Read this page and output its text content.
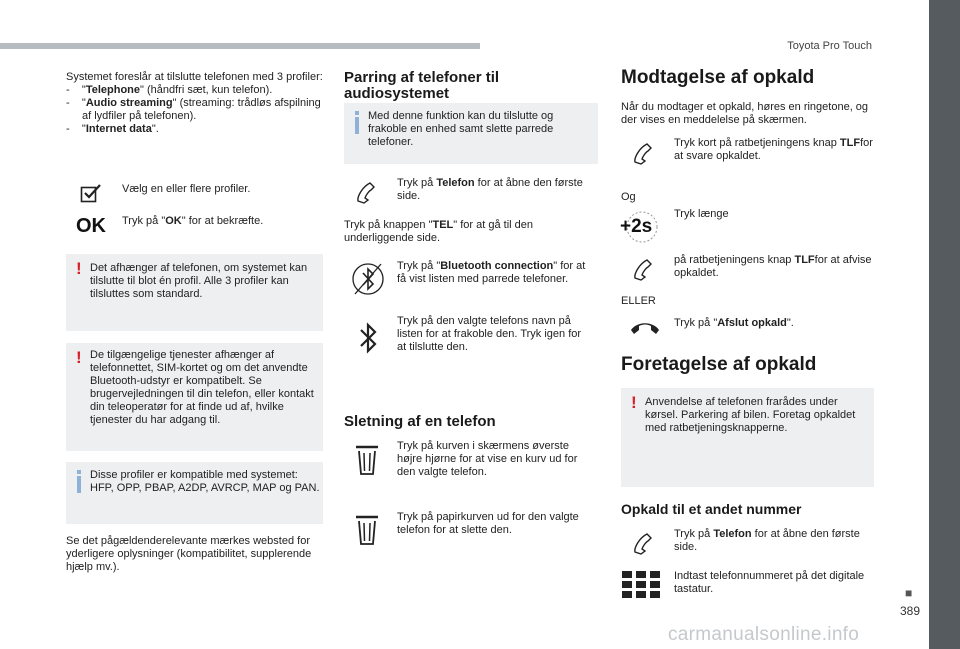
Toyota Pro Touch
■
389
carmanualsonline.info
Systemet foreslår at tilslutte telefonen med 3 profiler:
-    "Telephone" (håndfri sæt, kun telefon).
-    "Audio streaming" (streaming: trådløs afspilning af lydfiler på telefonen).
-    "Internet data".
Vælg en eller flere profiler.
OK Tryk på "OK" for at bekræfte.
! Det afhænger af telefonen, om systemet kan tilslutte til blot én profil. Alle 3 profiler kan tilsluttes som standard.
! De tilgængelige tjenester afhænger af telefonnettet, SIM-kortet og om det anvendte Bluetooth-udstyr er kompatibelt. Se brugervejledningen til din telefon, eller kontakt din teleoperatør for at finde ud af, hvilke tjenester du har adgang til.
Disse profiler er kompatible med systemet: HFP, OPP, PBAP, A2DP, AVRCP, MAP og PAN.
Se det pågældenderelevante mærkes websted for yderligere oplysninger (kompatibilitet, supplerende hjælp mv.).
Parring af telefoner til audiosystemet
Med denne funktion kan du tilslutte og frakoble en enhed samt slette parrede telefoner.
Tryk på Telefon for at åbne den første side.
Tryk på knappen "TEL" for at gå til den underliggende side.
Tryk på "Bluetooth connection" for at få vist listen med parrede telefoner.
Tryk på den valgte telefons navn på listen for at frakoble den. Tryk igen for at tilslutte den.
Sletning af en telefon
Tryk på kurven i skærmens øverste højre hjørne for at vise en kurv ud for den valgte telefon.
Tryk på papirkurven ud for den valgte telefon for at slette den.
Modtagelse af opkald
Når du modtager et opkald, høres en ringetone, og der vises en meddelelse på skærmen.
Tryk kort på ratbetjeningens knap TLFfor at svare opkaldet.
Og
+2s
Tryk længe
på ratbetjeningens knap TLFfor at afvise opkaldet.
ELLER
Tryk på "Afslut opkald".
Foretagelse af opkald
! Anvendelse af telefonen frarådes under kørsel. Parkering af bilen. Foretag opkaldet med ratbetjeningsknapperne.
Opkald til et andet nummer
Tryk på Telefon for at åbne den første side.
Indtast telefonnummeret på det digitale tastatur.
